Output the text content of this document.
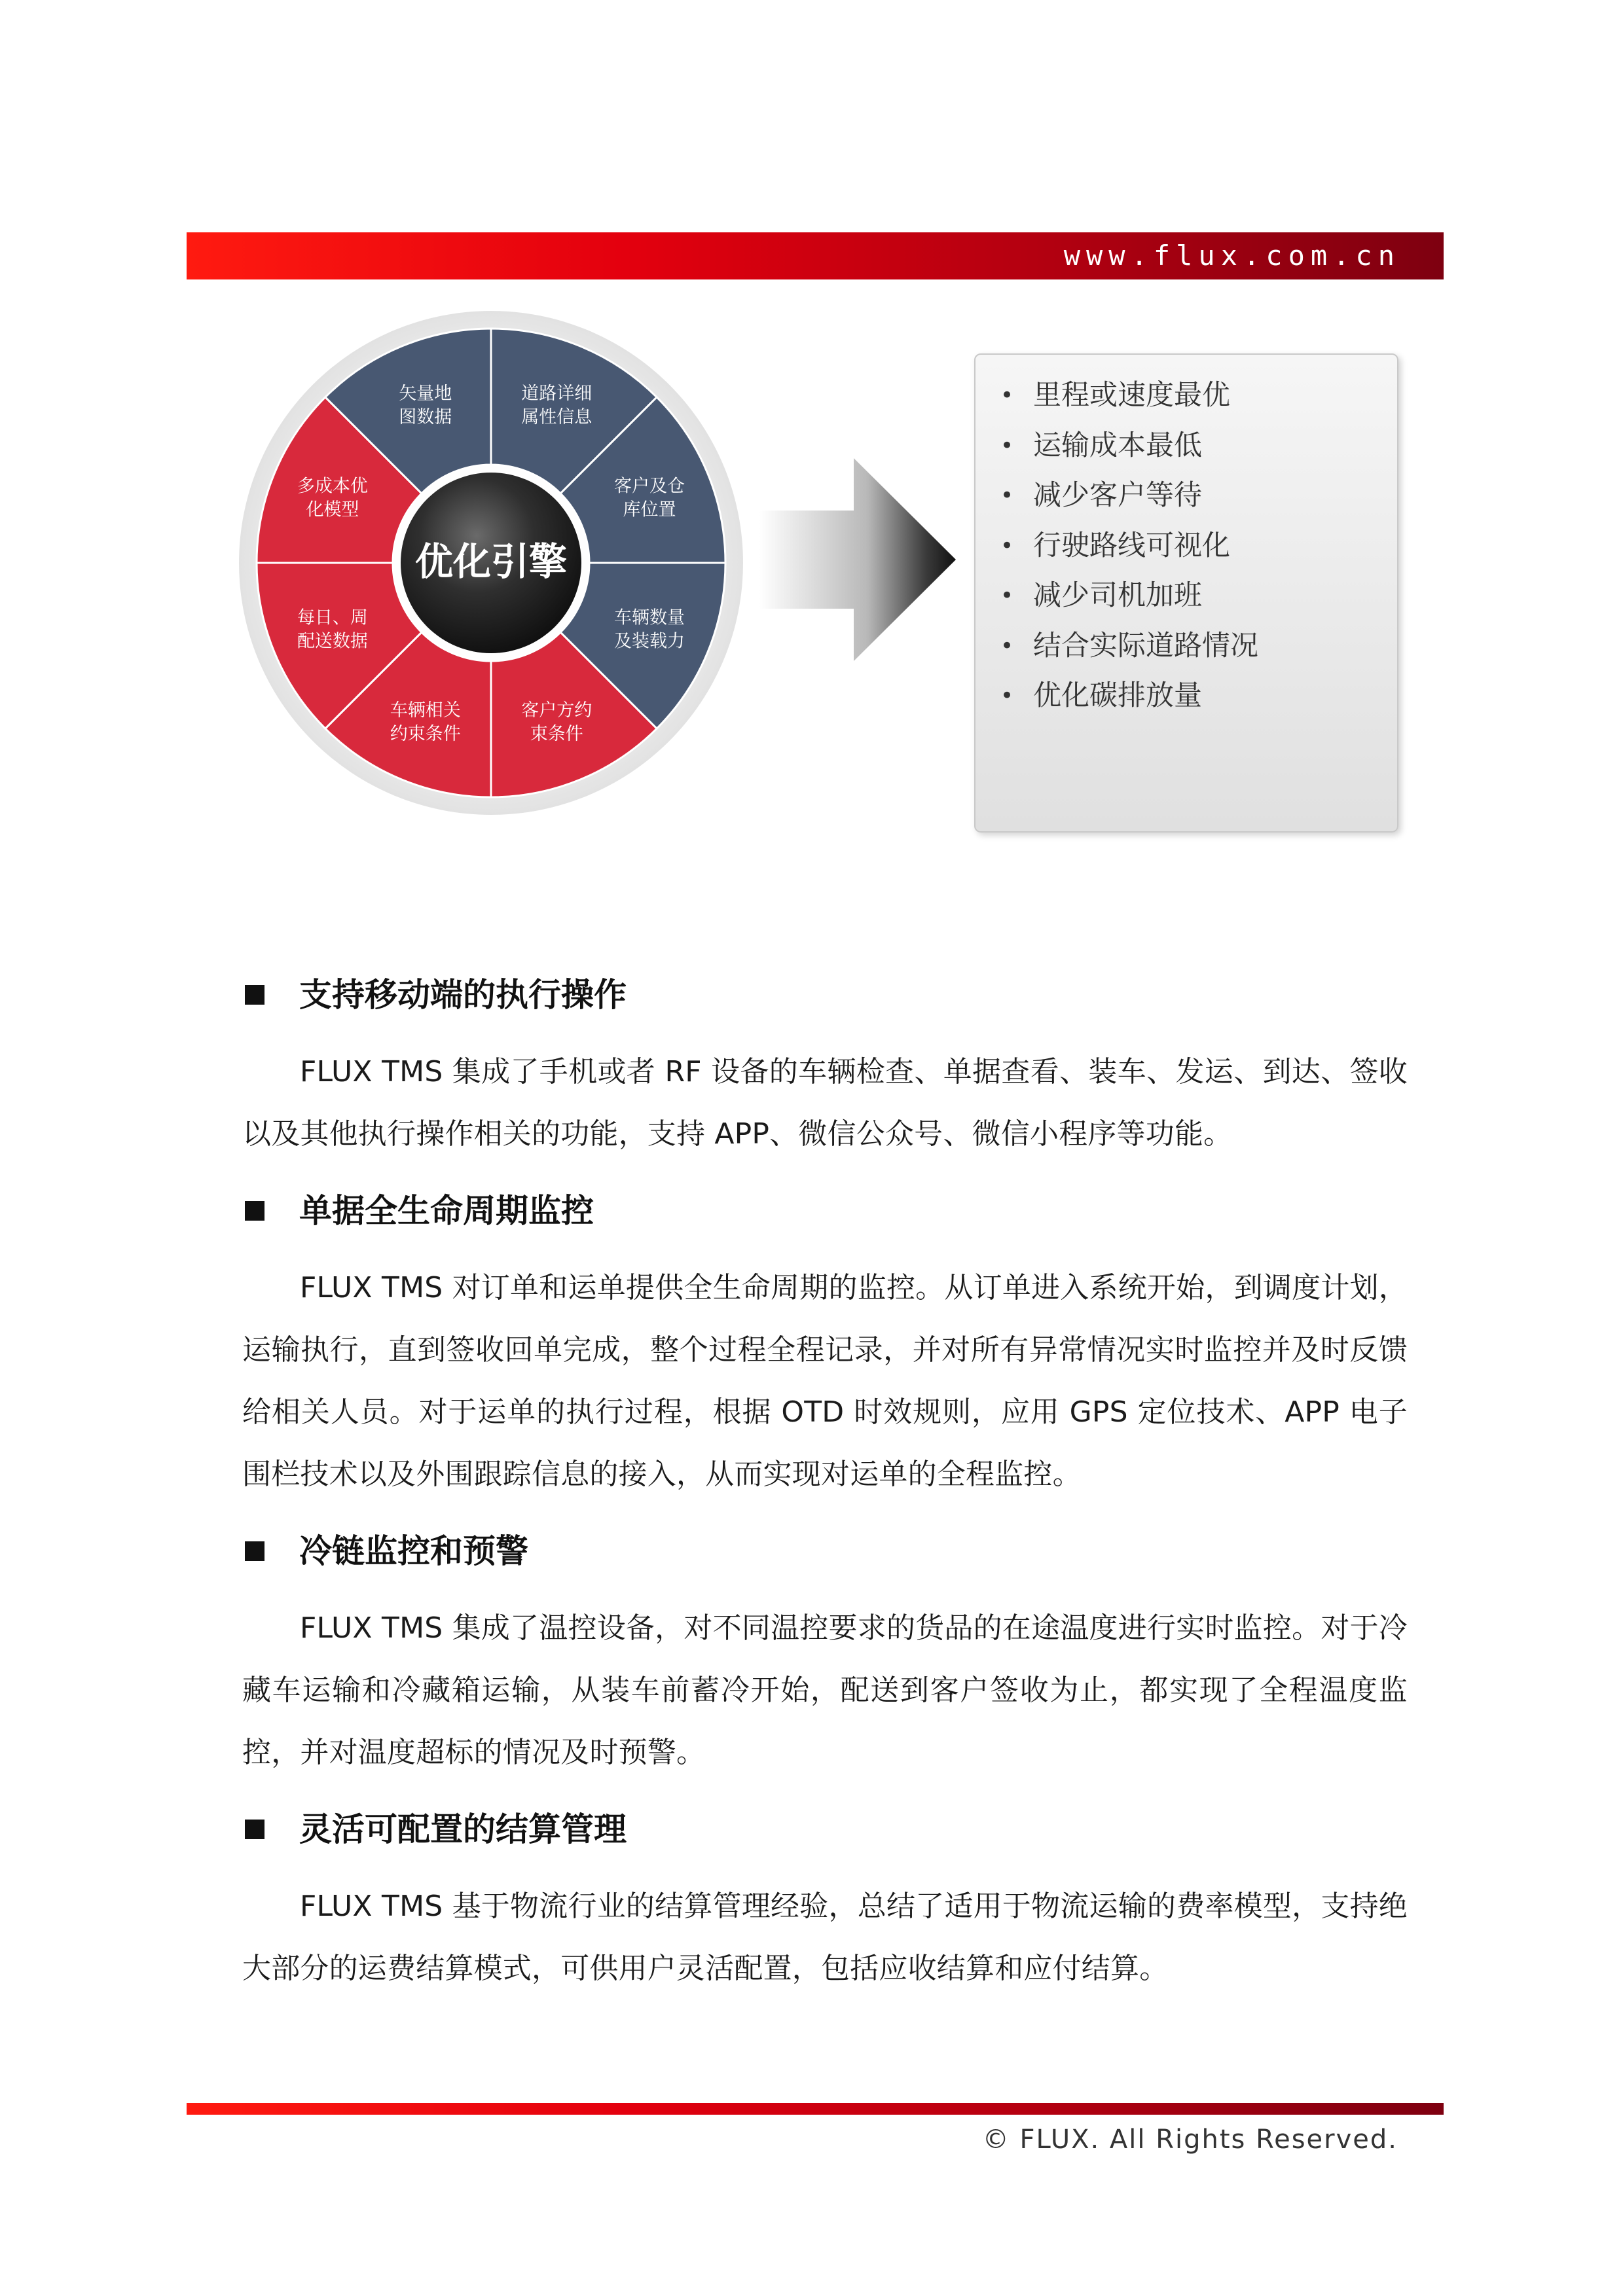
www.flux.com.cn
优化引擎
道路详细属性信息
客户及仓库位置
车辆数量及装载力
客户方约束条件
车辆相关约束条件
每日、周配送数据
多成本优化模型
矢量地图数据
• 里程或速度最优
• 运输成本最低
• 减少客户等待
• 行驶路线可视化
• 减少司机加班
• 结合实际道路情况
• 优化碳排放量
支持移动端的执行操作

FLUX TMS 集成了手机或者 RF 设备的车辆检查、单据查看、装车、发运、到达、签收以及其他执行操作相关的功能，支持 APP、微信公众号、微信小程序等功能。

单据全生命周期监控

FLUX TMS 对订单和运单提供全生命周期的监控。从订单进入系统开始，到调度计划，运输执行，直到签收回单完成，整个过程全程记录，并对所有异常情况实时监控并及时反馈给相关人员。对于运单的执行过程，根据 OTD 时效规则，应用 GPS 定位技术、APP 电子围栏技术以及外围跟踪信息的接入，从而实现对运单的全程监控。

冷链监控和预警

FLUX TMS 集成了温控设备，对不同温控要求的货品的在途温度进行实时监控。对于冷藏车运输和冷藏箱运输，从装车前蓄冷开始，配送到客户签收为止，都实现了全程温度监控，并对温度超标的情况及时预警。

灵活可配置的结算管理

FLUX TMS 基于物流行业的结算管理经验，总结了适用于物流运输的费率模型，支持绝大部分的运费结算模式，可供用户灵活配置，包括应收结算和应付结算。

© FLUX. All Rights Reserved.
